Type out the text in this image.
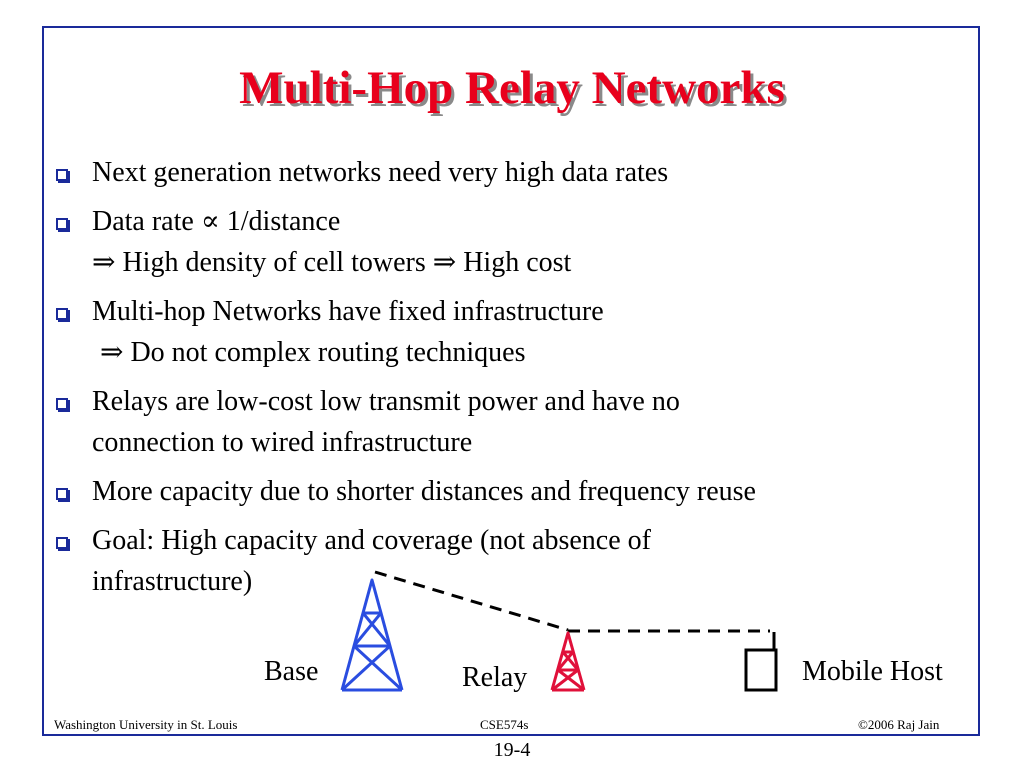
Multi-Hop Relay Networks
Next generation networks need very high data rates
Data rate ∝ 1/distance
⇒ High density of cell towers ⇒ High cost
Multi-hop Networks have fixed infrastructure
⇒ Do not complex routing techniques
Relays are low-cost low transmit power and have no
connection to wired infrastructure
More capacity due to shorter distances and frequency reuse
Goal: High capacity and coverage (not absence of
infrastructure)
Base	Relay	Mobile Host
Washington University in St. Louis	CSE574s	©2006 Raj Jain
19-4
